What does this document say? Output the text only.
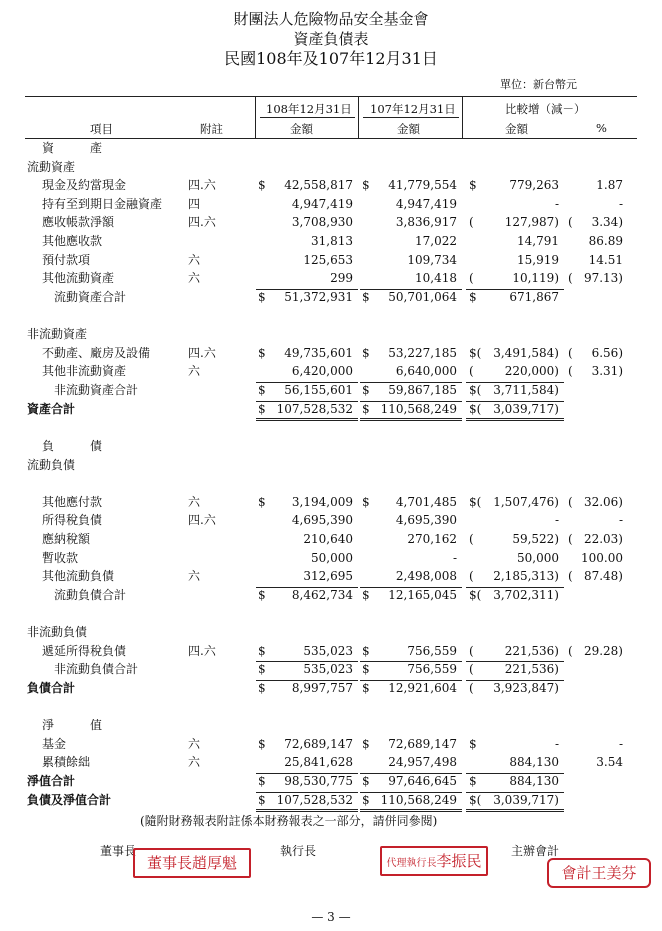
財團法人危險物品安全基金會
資產負債表
民國108年及107年12月31日
單位：新台幣元
項目	附註
108年12月31日 107年12月31日
金額	金額
比較增（減－）
金額	%
資　　　產
流動資產
現金及約當現金	四.六	$	42,558,817 $	41,779,554 $	779,263	1.87
持有至到期日金融資產 四	4,947,419	4,947,419	-	-
應收帳款淨額	四.六	3,708,930	3,836,917 (	127,987) (	3.34)
其他應收款	31,813	17,022	14,791	86.89
預付款項	六	125,653	109,734	15,919	14.51
其他流動資產	六	299	10,418 (	10,119) ( 97.13)
流動資產合計	$	51,372,931 $	50,701,064 $	671,867
非流動資產
不動產、廠房及設備	四.六	$	49,735,601 $	53,227,185 $( 3,491,584) (	6.56)
其他非流動資產	六	6,420,000	6,640,000 (	220,000) (	3.31)
非流動資產合計	$	56,155,601 $	59,867,185 $( 3,711,584)
資產合計	$ 107,528,532 $ 110,568,249 $( 3,039,717)
負　　　債
流動負債
其他應付款	六	$	3,194,009 $	4,701,485 $( 1,507,476) ( 32.06)
所得稅負債	四.六	4,695,390	4,695,390	-	-
應納稅額	210,640	270,162 (	59,522) ( 22.03)
暫收款	50,000	-	50,000 100.00
其他流動負債	六	312,695	2,498,008 (	2,185,313) ( 87.48)
流動負債合計	$	8,462,734 $	12,165,045 $( 3,702,311)
非流動負債
遞延所得稅負債	四.六	$	535,023 $	756,559 (	221,536) ( 29.28)
非流動負債合計	$	535,023 $	756,559 (	221,536)
負債合計	$	8,997,757 $	12,921,604 (	3,923,847)
淨　　　值
基金	六	$	72,689,147 $	72,689,147 $	-	-
累積餘絀	六	25,841,628	24,957,498	884,130	3.54
淨值合計	$	98,530,775 $	97,646,645 $	884,130
負債及淨值合計	$ 107,528,532 $ 110,568,249 $( 3,039,717)
(隨附財務報表附註係本財務報表之一部分，請併同參閱)
董事長	執行長	主辦會計
董事長趙厚魁	代理執行長李振民
會計王美芬
— 3 —
